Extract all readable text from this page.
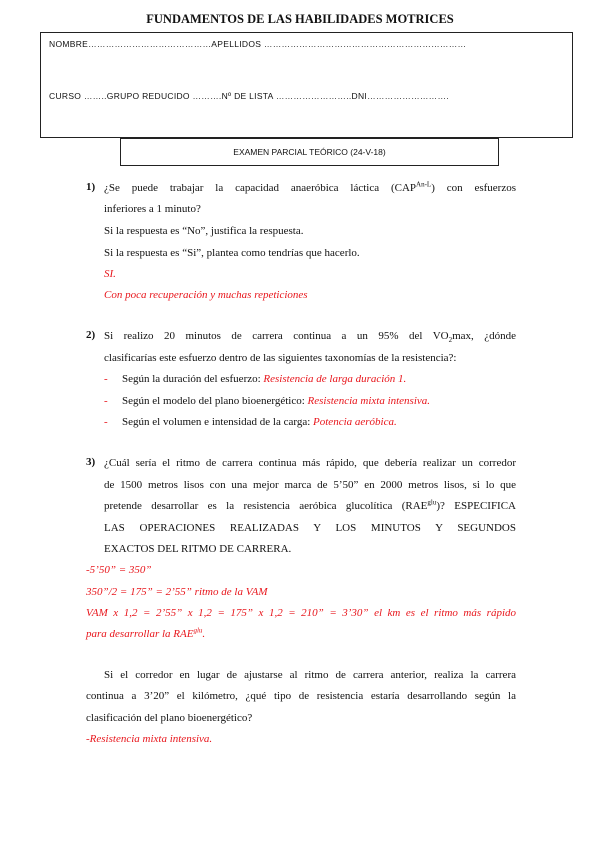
FUNDAMENTOS DE LAS HABILIDADES MOTRICES
NOMBRE……………………………………APELLIDOS ……………………………………………………………
CURSO ……..GRUPO REDUCIDO ……….Nº DE LISTA ……………………..DNI……………………….
EXAMEN PARCIAL TEÓRICO (24-V-18)
1) ¿Se puede trabajar la capacidad anaeróbica láctica $(CAP^{An-L})$ con esfuerzos
inferiores a 1 minuto?
Si la respuesta es “No”, justifica la respuesta.
Si la respuesta es “Si”, plantea como tendrías que hacerlo.
SI.
Con poca recuperación y muchas repeticiones
2) Si realizo 20 minutos de carrera continua a un 95% del $VO_2\max$, ¿dónde
clasificarías este esfuerzo dentro de las siguientes taxonomías de la resistencia?:
- Según la duración del esfuerzo: Resistencia de larga duración 1.
- Según el modelo del plano bioenergético: Resistencia mixta intensiva.
- Según el volumen e intensidad de la carga: Potencia aeróbica.
3) ¿Cuál sería el ritmo de carrera continua más rápido, que debería realizar un corredor
de 1500 metros lisos con una mejor marca de 5’50” en 2000 metros lisos, si lo que
pretende desarrollar es la resistencia aeróbica glucolítica $(RAE^{glu})$? ESPECIFICA
LAS OPERACIONES REALIZADAS Y LOS MINUTOS Y SEGUNDOS
EXACTOS DEL RITMO DE CARRERA.
-5’50” = 350”
350”/2 = 175” = 2’55” ritmo de la VAM
VAM x 1,2 = 2’55” x 1,2 = 175” x 1,2 = 210” = 3’30” el km es el ritmo más rápido
para desarrollar la $RAE^{glu}$.
Si el corredor en lugar de ajustarse al ritmo de carrera anterior, realiza la carrera
continua a 3’20” el kilómetro, ¿qué tipo de resistencia estaría desarrollando según la
clasificación del plano bioenergético?
-Resistencia mixta intensiva.
